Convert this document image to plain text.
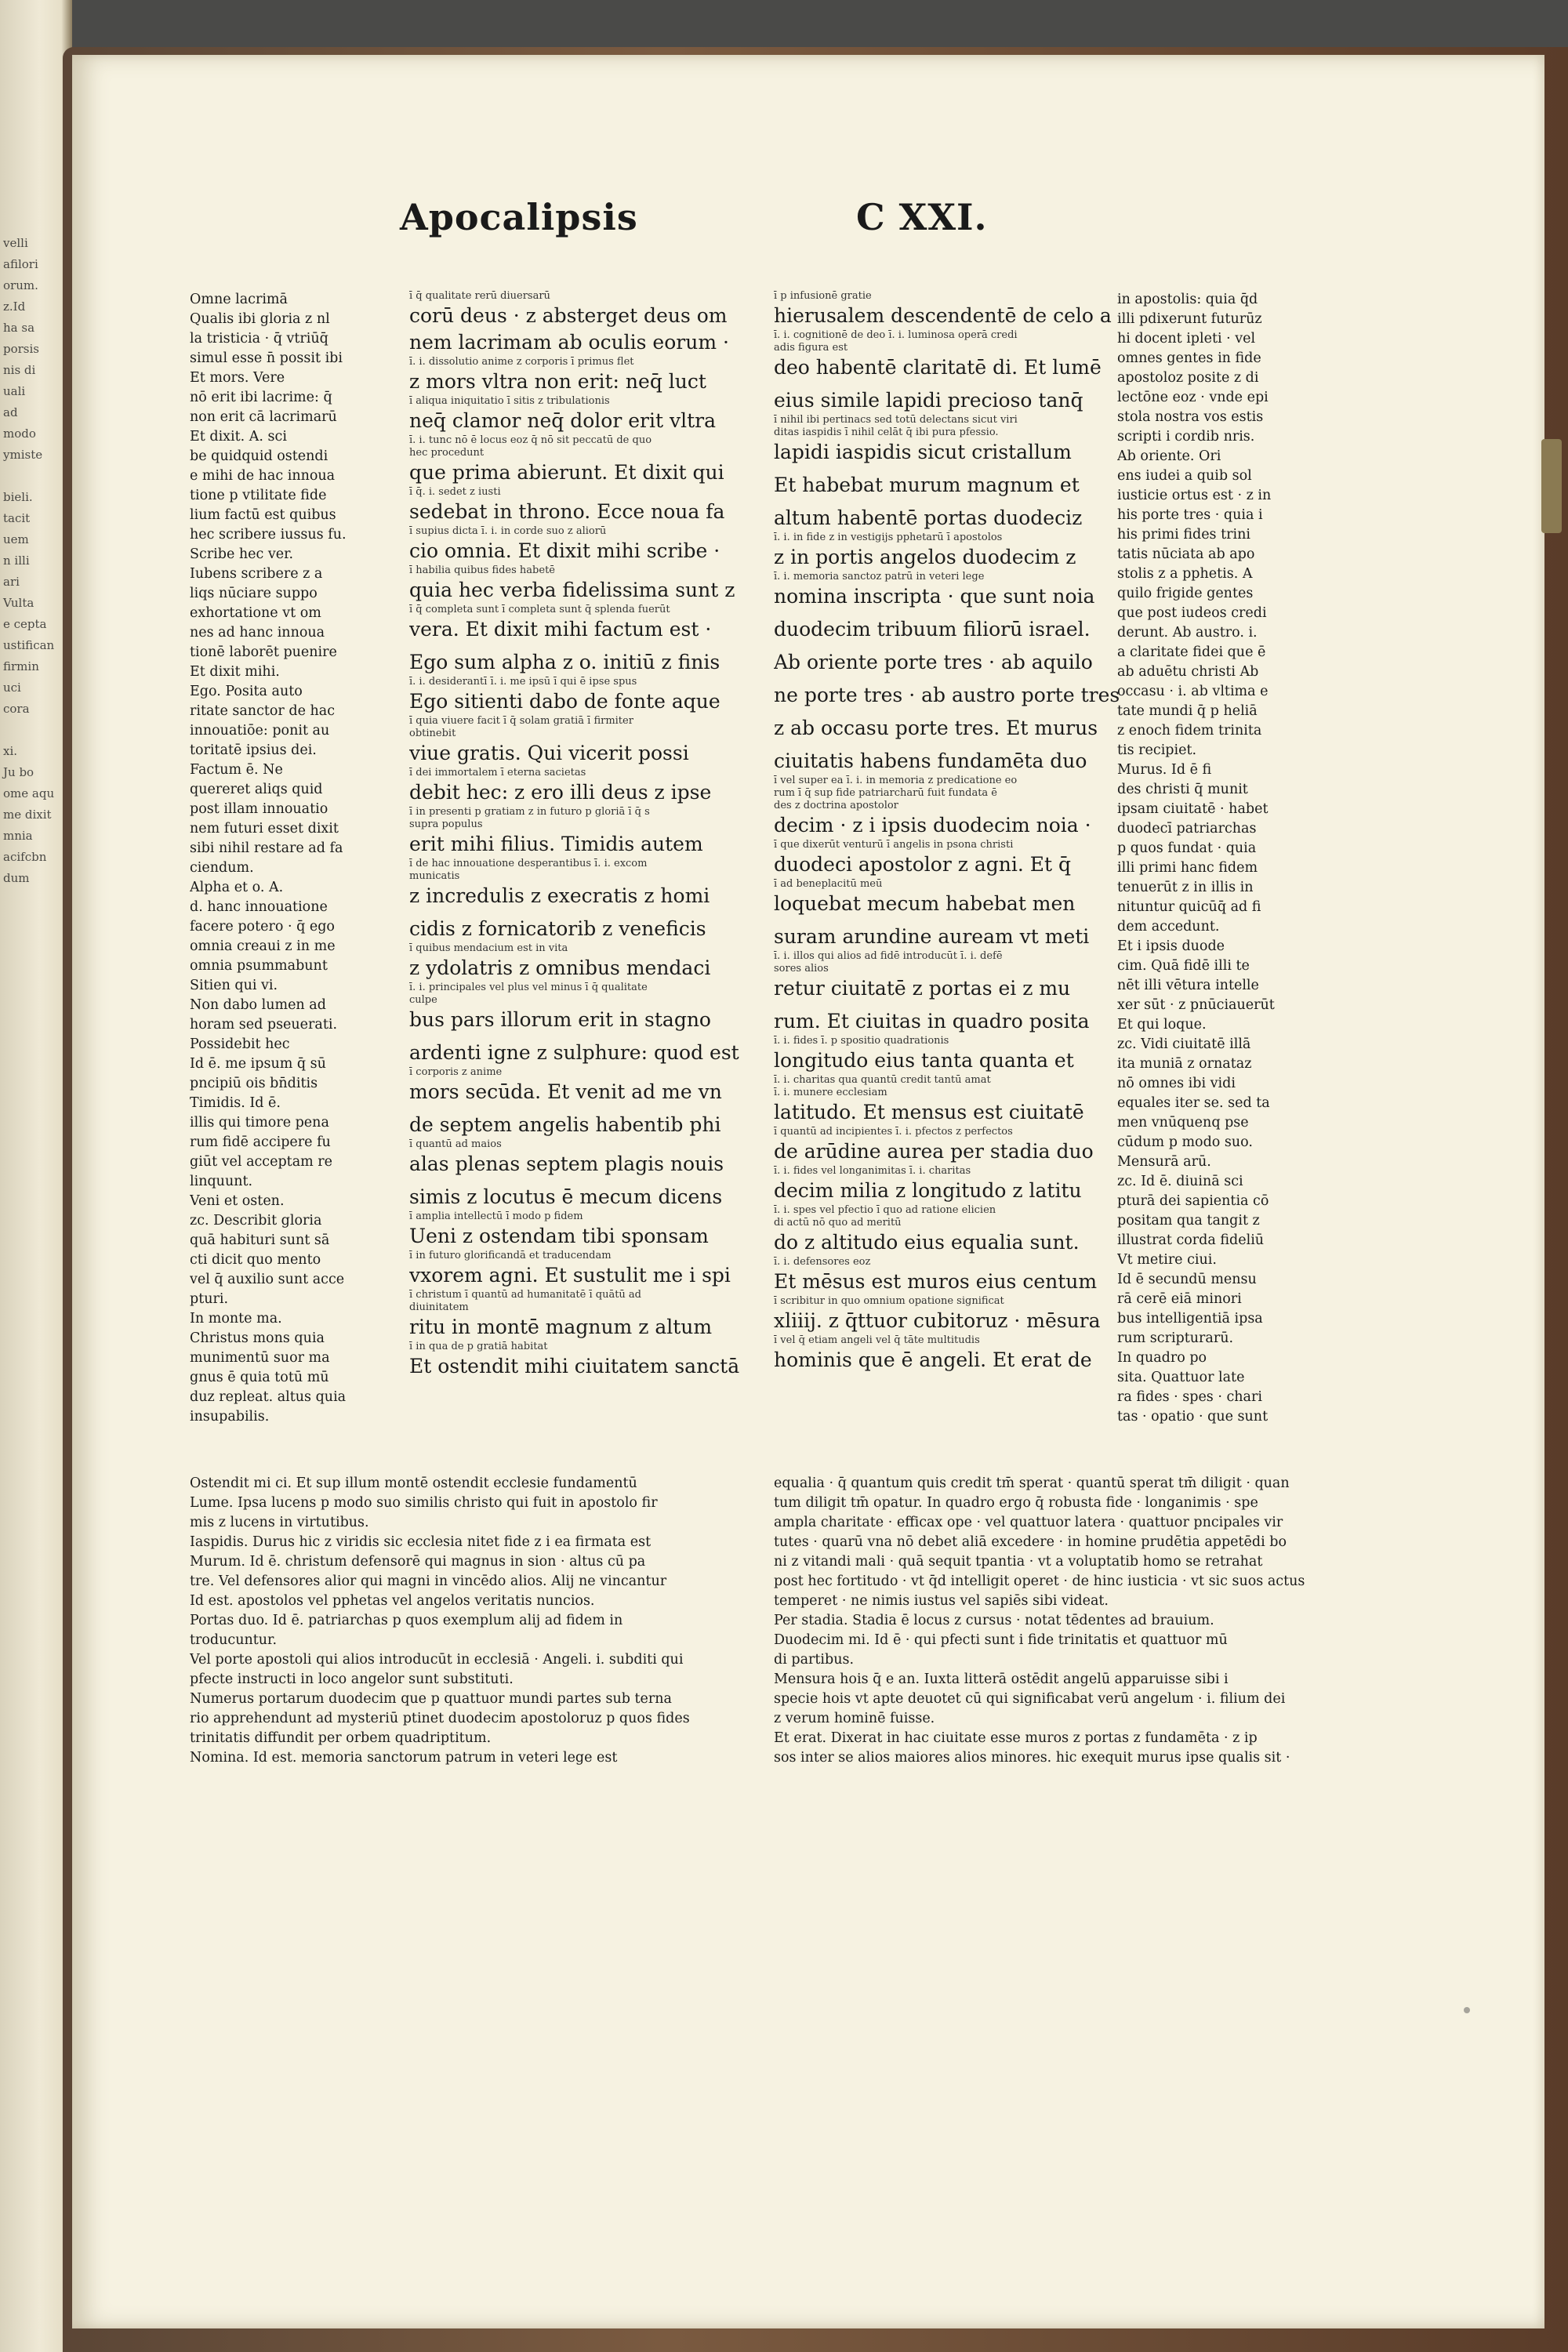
velli
afilori
orum.
z.Id
ha sa
porsis
nis di
uali
ad
modo
ymiste
bieli.
tacit
uem
n illi
ari
Vulta
e cepta
ustifican
firmin
uci
cora
xi.
Ju bo
ome aqu
me dixit
mnia
acifcbn
dum
Apocalipsis	C XXI.
Omne lacrimā
Qualis ibi gloria z nl
la tristicia · q̄ vtriūq̄
simul esse n̄ possit ibi
Et mors. Vere
nō erit ibi lacrime: q̄
non erit cā lacrimarū
Et dixit. A. sci
be quidquid ostendi
e mihi de hac innoua
tione p vtilitate fide
lium factū est quibus
hec scribere iussus fu.
Scribe hec ver.
Iubens scribere z a
liqs nūciare suppo
exhortatione vt om
nes ad hanc innoua
tionē laborēt puenire
Et dixit mihi.
Ego. Posita auto
ritate sanctor de hac
innouatiōe: ponit au
toritatē ipsius dei.
Factum ē. Ne
quereret aliqs quid
post illam innouatio
nem futuri esset dixit
sibi nihil restare ad fa
ciendum.
Alpha et o. A.
d. hanc innouatione
facere potero · q̄ ego
omnia creaui z in me
omnia psummabunt
Sitien qui vi.
Non dabo lumen ad
horam sed pseuerati.
Possidebit hec
Id ē. me ipsum q̄ sū
pncipiū ois bn̄ditis
Timidis. Id ē.
illis qui timore pena
rum fidē accipere fu
giūt vel acceptam re
linquunt.
Veni et osten.
zc. Describit gloria
quā habituri sunt sā
cti dicit quo mento
vel q̄ auxilio sunt acce
pturi.
In monte ma.
Christus mons quia
munimentū suor ma
gnus ē quia totū mū
duz repleat. altus quia
insupabilis.
ī q̄ qualitate rerū diuersarū
corū deus · z absterget deus om
nem lacrimam ab oculis eorum ·
ī. i. dissolutio anime z corporis ī primus flet
z mors vltra non erit: neq̄ luct
ī aliqua iniquitatio ī sitis z tribulationis
neq̄ clamor neq̄ dolor erit vltra
ī. i. tunc nō ē locus eoz q̄ nō sit peccatū de quo
hec procedunt
que prima abierunt. Et dixit qui
ī q̄. i. sedet z iusti
sedebat in throno. Ecce noua fa
ī supius dicta ī. i. in corde suo z aliorū
cio omnia. Et dixit mihi scribe ·
ī habilia quibus fides habetē
quia hec verba fidelissima sunt z
ī q̄ completa sunt ī completa sunt q̄ splenda fuerūt
vera. Et dixit mihi factum est ·
Ego sum alpha z o. initiū z finis
ī. i. desiderantī ī. i. me ipsū ī qui ē ipse spus
Ego sitienti dabo de fonte aque
ī quia viuere facit ī q̄ solam gratiā ī firmiter
obtinebit
viue gratis. Qui vicerit possi
ī dei immortalem ī eterna sacietas
debit hec: z ero illi deus z ipse
ī in presenti p gratiam z in futuro p gloriā ī q̄ s
supra populus
erit mihi filius. Timidis autem
ī de hac innouatione desperantibus ī. i. excom
municatis
z incredulis z execratis z homi
cidis z fornicatorib z veneficis
ī quibus mendacium est in vita
z ydolatris z omnibus mendaci
ī. i. principales vel plus vel minus ī q̄ qualitate
culpe
bus pars illorum erit in stagno
ardenti igne z sulphure: quod est
ī corporis z anime
mors secūda. Et venit ad me vn
de septem angelis habentib phi
ī quantū ad maios
alas plenas septem plagis nouis
simis z locutus ē mecum dicens
ī amplia intellectū ī modo p fidem
Ueni z ostendam tibi sponsam
ī in futuro glorificandā et traducendam
vxorem agni. Et sustulit me i spi
ī christum ī quantū ad humanitatē ī quātū ad
diuinitatem
ritu in montē magnum z altum
ī in qua de p gratiā habitat
Et ostendit mihi ciuitatem sanctā
ī p infusionē gratie
hierusalem descendentē de celo a
ī. i. cognitionē de deo ī. i. luminosa operā credi
adis figura est
deo habentē claritatē di. Et lumē
eius simile lapidi precioso tanq̄
ī nihil ibi pertinacs sed totū delectans sicut viri
ditas iaspidis ī nihil celāt q̄ ibi pura pfessio.
lapidi iaspidis sicut cristallum
Et habebat murum magnum et
altum habentē portas duodeciz
ī. i. in fide z in vestigijs pphetarū ī apostolos
z in portis angelos duodecim z
ī. i. memoria sanctoz patrū in veteri lege
nomina inscripta · que sunt noia
duodecim tribuum filiorū israel.
Ab oriente porte tres · ab aquilo
ne porte tres · ab austro porte tres
z ab occasu porte tres. Et murus
ciuitatis habens fundamēta duo
ī vel super ea ī. i. in memoria z predicatione eo
rum ī q̄ sup fide patriarcharū fuit fundata ē
des z doctrina apostolor
decim · z i ipsis duodecim noia ·
ī que dixerūt venturū ī angelis in psona christi
duodeci apostolor z agni. Et q̄
ī ad beneplacitū meū
loquebat mecum habebat men
suram arundine auream vt meti
ī. i. illos qui alios ad fidē introducūt ī. i. defē
sores alios
retur ciuitatē z portas ei z mu
rum. Et ciuitas in quadro posita
ī. i. fides ī. p spositio quadrationis
longitudo eius tanta quanta et
ī. i. charitas qua quantū credit tantū amat
ī. i. munere ecclesiam
latitudo. Et mensus est ciuitatē
ī quantū ad incipientes ī. i. pfectos z perfectos
de arūdine aurea per stadia duo
ī. i. fides vel longanimitas ī. i. charitas
decim milia z longitudo z latitu
ī. i. spes vel pfectio ī quo ad ratione elicien
di actū nō quo ad meritū
do z altitudo eius equalia sunt.
ī. i. defensores eoz
Et mēsus est muros eius centum
ī scribitur in quo omnium opatione significat
xliiij. z q̄ttuor cubitoruz · mēsura
ī vel q̄ etiam angeli vel q̄ tāte multitudis
hominis que ē angeli. Et erat de
in apostolis: quia q̄d
illi pdixerunt futurūz
hi docent ipleti · vel
omnes gentes in fide
apostoloz posite z di
lectōne eoz · vnde epi
stola nostra vos estis
scripti i cordib nris.
Ab oriente. Ori
ens iudei a quib sol
iusticie ortus est · z in
his porte tres · quia i
his primi fides trini
tatis nūciata ab apo
stolis z a pphetis. A
quilo frigide gentes
que post iudeos credi
derunt. Ab austro. i.
a claritate fidei que ē
ab aduētu christi Ab
occasu · i. ab vltima e
tate mundi q̄ p heliā
z enoch fidem trinita
tis recipiet.
Murus. Id ē fi
des christi q̄ munit
ipsam ciuitatē · habet
duodecī patriarchas
p quos fundat · quia
illi primi hanc fidem
tenuerūt z in illis in
nituntur quicūq̄ ad fi
dem accedunt.
Et i ipsis duode
cim. Quā fidē illi te
nēt illi vētura intelle
xer sūt · z pnūciauerūt
Et qui loque.
zc. Vidi ciuitatē illā
ita muniā z ornataz
nō omnes ibi vidi
equales iter se. sed ta
men vnūquenq pse
cūdum p modo suo.
Mensurā arū.
zc. Id ē. diuinā sci
pturā dei sapientia cō
positam qua tangit z
illustrat corda fideliū
Vt metire ciui.
Id ē secundū mensu
rā cerē eiā minori
bus intelligentiā ipsa
rum scripturarū.
In quadro po
sita. Quattuor late
ra fides · spes · chari
tas · opatio · que sunt
Ostendit mi ci. Et sup illum montē ostendit ecclesie fundamentū
Lume. Ipsa lucens p modo suo similis christo qui fuit in apostolo fir
mis z lucens in virtutibus.
Iaspidis. Durus hic z viridis sic ecclesia nitet fide z i ea firmata est
Murum. Id ē. christum defensorē qui magnus in sion · altus cū pa
tre. Vel defensores alior qui magni in vincēdo alios. Alij ne vincantur
Id est. apostolos vel pphetas vel angelos veritatis nuncios.
Portas duo. Id ē. patriarchas p quos exemplum alij ad fidem in
troducuntur.
Vel porte apostoli qui alios introducūt in ecclesiā · Angeli. i. subditi qui
pfecte instructi in loco angelor sunt substituti.
Numerus portarum duodecim que p quattuor mundi partes sub terna
rio apprehendunt ad mysteriū ptinet duodecim apostoloruz p quos fides
trinitatis diffundit per orbem quadriptitum.
Nomina. Id est. memoria sanctorum patrum in veteri lege est
equalia · q̄ quantum quis credit tm̄ sperat · quantū sperat tm̄ diligit · quan
tum diligit tm̄ opatur. In quadro ergo q̄ robusta fide · longanimis · spe
ampla charitate · efficax ope · vel quattuor latera · quattuor pncipales vir
tutes · quarū vna nō debet aliā excedere · in homine prudētia appetēdi bo
ni z vitandi mali · quā sequit tpantia · vt a voluptatib homo se retrahat
post hec fortitudo · vt q̄d intelligit operet · de hinc iusticia · vt sic suos actus
temperet · ne nimis iustus vel sapiēs sibi videat.
Per stadia. Stadia ē locus z cursus · notat tēdentes ad brauium.
Duodecim mi. Id ē · qui pfecti sunt i fide trinitatis et quattuor mū
di partibus.
Mensura hois q̄ e an. Iuxta litterā ostēdit angelū apparuisse sibi i
specie hois vt apte deuotet cū qui significabat verū angelum · i. filium dei
z verum hominē fuisse.
Et erat. Dixerat in hac ciuitate esse muros z portas z fundamēta · z ip
sos inter se alios maiores alios minores. hic exequit murus ipse qualis sit ·
